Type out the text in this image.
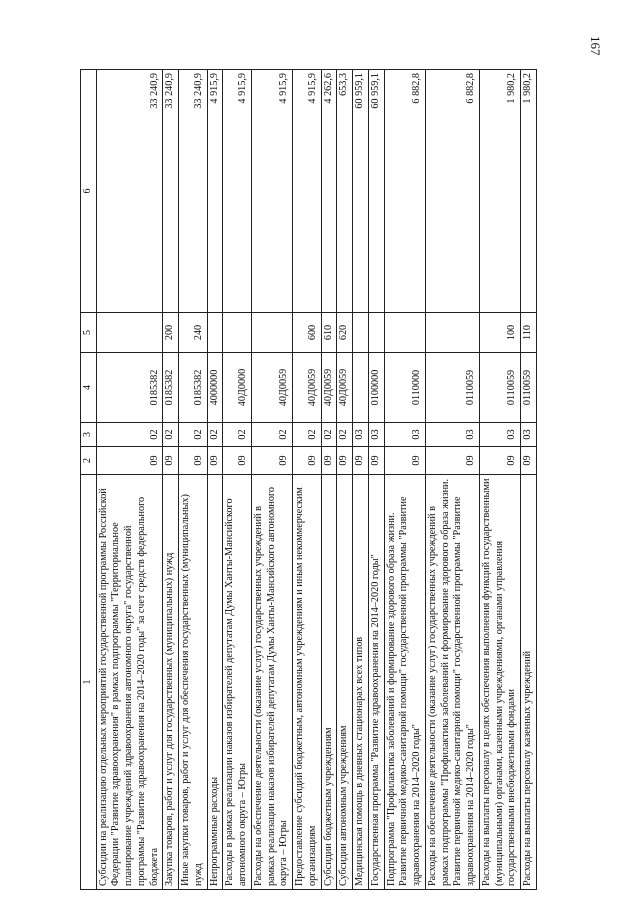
167
1	2	3	4	5	6
Субсидии на реализацию отдельных мероприятий государственной программы Российской Федерации "Развитие здравоохранения" в рамках подпрограммы "Территориальное планирование учреждений здравоохранения автономного округа" государственной программы "Развитие здравоохранения на 2014–2020 годы" за счет средств федерального бюджета	09	02	0185382		33 240,9
Закупка товаров, работ и услуг для государственных (муниципальных) нужд	09	02	0185382	200	33 240,9
Иные закупки товаров, работ и услуг для обеспечения государственных (муниципальных) нужд	09	02	0185382	240	33 240,9
Непрограммные расходы	09	02	4000000		4 915,9
Расходы в рамках реализации наказов избирателей депутатам Думы Ханты-Мансийского автономного округа – Югры	09	02	40Д0000		4 915,9
Расходы на обеспечение деятельности (оказание услуг) государственных учреждений в рамках реализации наказов избирателей депутатам Думы Ханты-Мансийского автономного округа – Югры	09	02	40Д0059		4 915,9
Предоставление субсидий бюджетным, автономным учреждениям и иным некоммерческим организациям	09	02	40Д0059	600	4 915,9
Субсидии бюджетным учреждениям	09	02	40Д0059	610	4 262,6
Субсидии автономным учреждениям	09	02	40Д0059	620	653,3
Медицинская помощь в дневных стационарах всех типов	09	03			60 959,1
Государственная программа "Развитие здравоохранения на 2014–2020 годы"	09	03	0100000		60 959,1
Подпрограмма "Профилактика заболеваний и формирование здорового образа жизни. Развитие первичной медико-санитарной помощи" государственной программы "Развитие здравоохранения на 2014–2020 годы"	09	03	0110000		6 882,8
Расходы на обеспечение деятельности (оказание услуг) государственных учреждений в рамках подпрограммы "Профилактика заболеваний и формирование здорового образа жизни. Развитие первичной медико-санитарной помощи" государственной программы "Развитие здравоохранения на 2014–2020 годы"	09	03	0110059		6 882,8
Расходы на выплаты персоналу в целях обеспечения выполнения функций государственными (муниципальными) органами, казенными учреждениями, органами управления государственными внебюджетными фондами	09	03	0110059	100	1 980,2
Расходы на выплаты персоналу казенных учреждений	09	03	0110059	110	1 980,2
